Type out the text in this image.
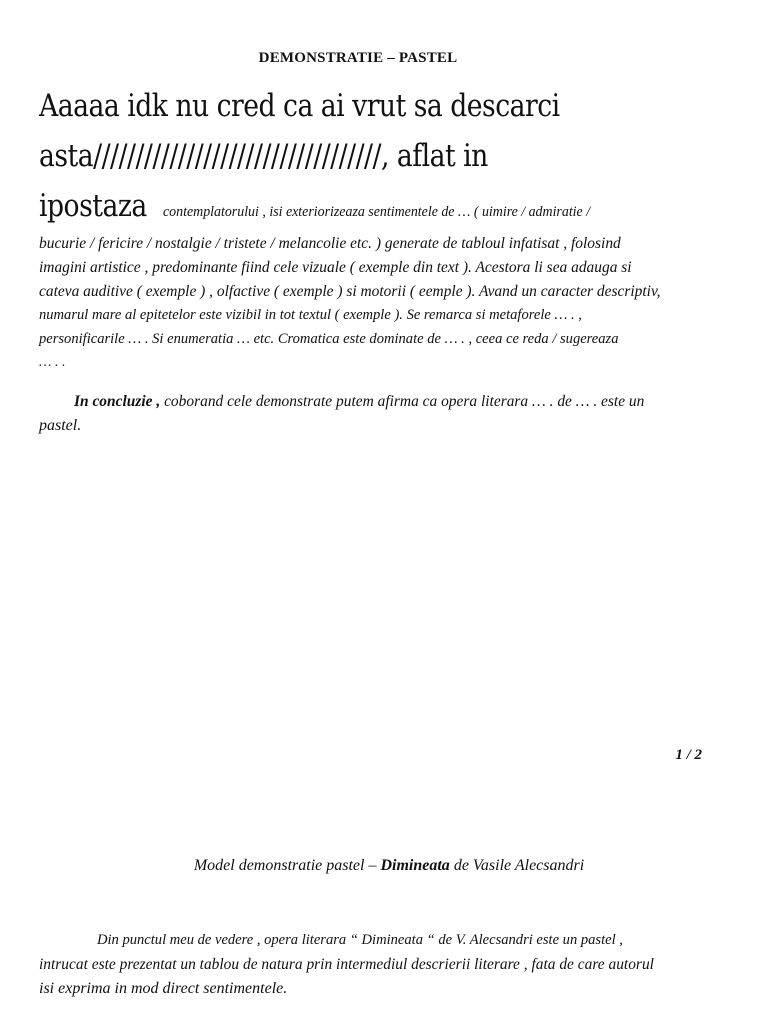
DEMONSTRATIE – PASTEL
Aaaaa idk nu cred ca ai vrut sa descarci
asta//////////////////////////////////, aflat in
ipostaza contemplatorului , isi exteriorizeaza sentimentele de … ( uimire / admiratie /
bucurie / fericire / nostalgie / tristete / melancolie etc. ) generate de tabloul infatisat , folosind
imagini artistice , predominante fiind cele vizuale ( exemple din text ). Acestora li sea adauga si
cateva auditive ( exemple ) , olfactive ( exemple ) si motorii ( eemple ). Avand un caracter descriptiv,
numarul mare al epitetelor este vizibil in tot textul ( exemple ). Se remarca si metaforele … . ,
personificarile … . Si enumeratia … etc. Cromatica este dominate de … . , ceea ce reda / sugereaza
… . .
In concluzie , coborand cele demonstrate putem afirma ca opera literara … . de … . este un
pastel.
1 / 2
Model demonstratie pastel – Dimineata de Vasile Alecsandri
Din punctul meu de vedere , opera literara “ Dimineata “ de V. Alecsandri este un pastel ,
intrucat este prezentat un tablou de natura prin intermediul descrierii literare , fata de care autorul
isi exprima in mod direct sentimentele.
